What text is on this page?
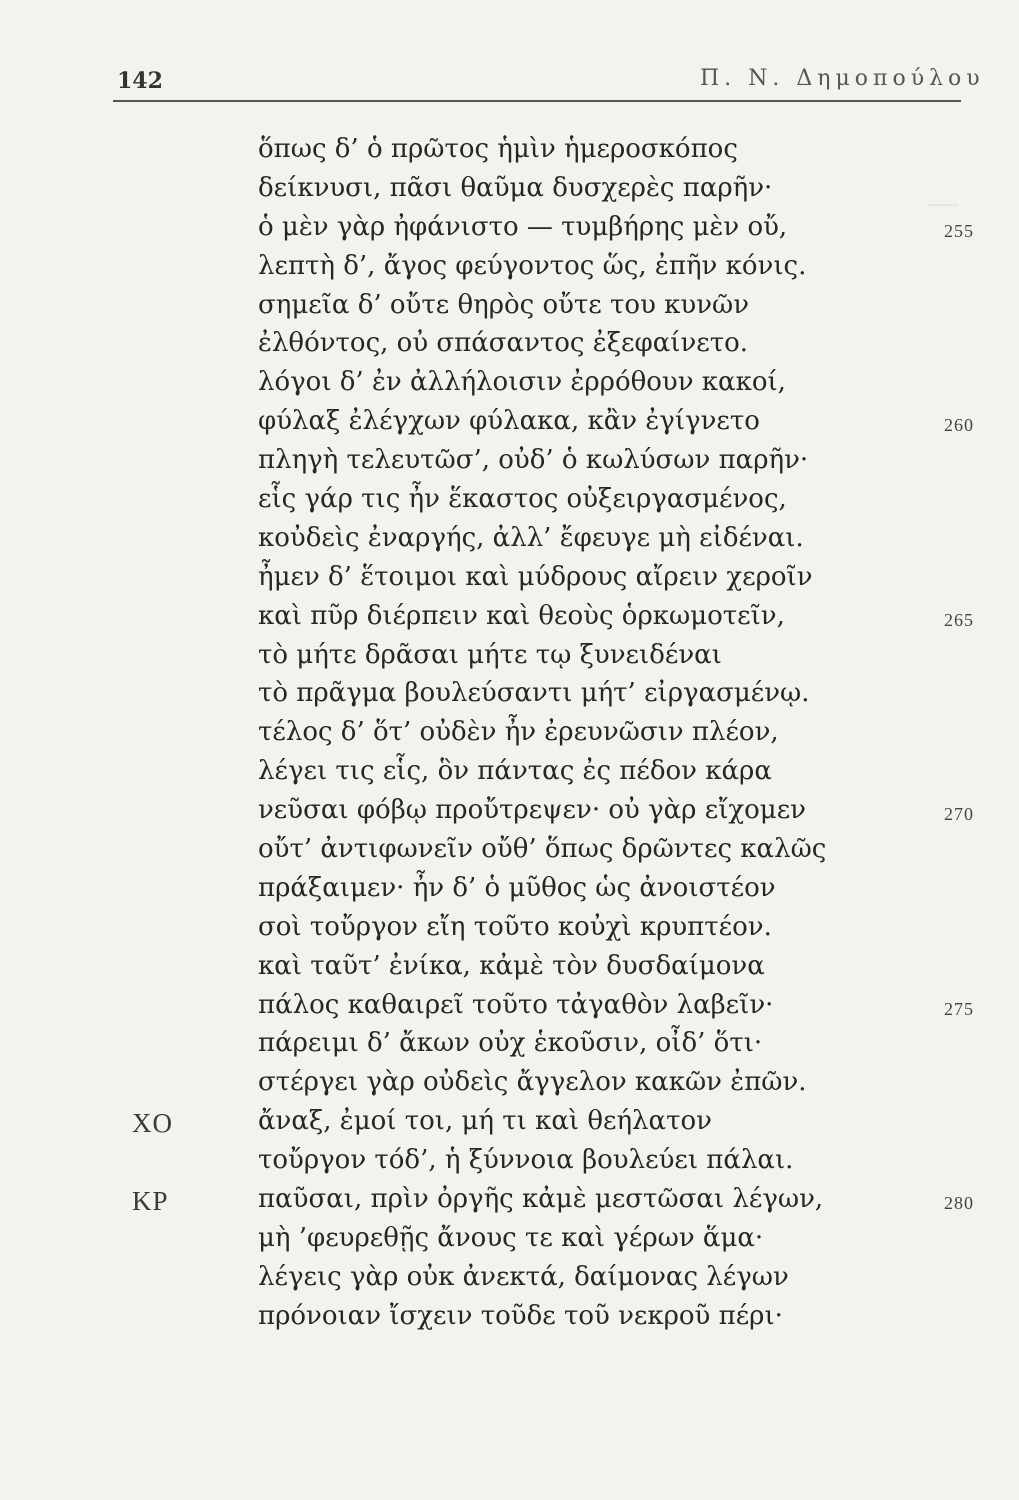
142	Π. Ν. Δημοπούλου
ὅπως δ’ ὁ πρῶτος ἡμὶν ἡμεροσκόπος
δείκνυσι, πᾶσι θαῦμα δυσχερὲς παρῆν·
ὁ μὲν γὰρ ἠφάνιστο — τυμβήρης μὲν οὔ,	255
λεπτὴ δ’, ἄγος φεύγοντος ὥς, ἐπῆν κόνις.
σημεῖα δ’ οὔτε θηρὸς οὔτε του κυνῶν
ἐλθόντος, οὐ σπάσαντος ἐξεφαίνετο.
λόγοι δ’ ἐν ἀλλήλοισιν ἐρρόθουν κακοί,
φύλαξ ἐλέγχων φύλακα, κἂν ἐγίγνετο	260
πληγὴ τελευτῶσ’, οὐδ’ ὁ κωλύσων παρῆν·
εἷς γάρ τις ἦν ἕκαστος οὐξειργασμένος,
κοὐδεὶς ἐναργής, ἀλλ’ ἔφευγε μὴ εἰδέναι.
ἦμεν δ’ ἕτοιμοι καὶ μύδρους αἴρειν χεροῖν
καὶ πῦρ διέρπειν καὶ θεοὺς ὁρκωμοτεῖν,	265
τὸ μήτε δρᾶσαι μήτε τῳ ξυνειδέναι
τὸ πρᾶγμα βουλεύσαντι μήτ’ εἰργασμένῳ.
τέλος δ’ ὅτ’ οὐδὲν ἦν ἐρευνῶσιν πλέον,
λέγει τις εἷς, ὃν πάντας ἐς πέδον κάρα
νεῦσαι φόβῳ προὔτρεψεν· οὐ γὰρ εἴχομεν	270
οὔτ’ ἀντιφωνεῖν οὔθ’ ὅπως δρῶντες καλῶς
πράξαιμεν· ἦν δ’ ὁ μῦθος ὡς ἀνοιστέον
σοὶ τοὔργον εἴη τοῦτο κοὐχὶ κρυπτέον.
καὶ ταῦτ’ ἐνίκα, κἀμὲ τὸν δυσδαίμονα
πάλος καθαιρεῖ τοῦτο τἀγαθὸν λαβεῖν·	275
πάρειμι δ’ ἄκων οὐχ ἑκοῦσιν, οἶδ’ ὅτι·
στέργει γὰρ οὐδεὶς ἄγγελον κακῶν ἐπῶν.
ΧΟ	ἄναξ, ἐμοί τοι, μή τι καὶ θεήλατον
τοὔργον τόδ’, ἡ ξύννοια βουλεύει πάλαι.
ΚΡ	παῦσαι, πρὶν ὀργῆς κἀμὲ μεστῶσαι λέγων,	280
μὴ ’φευρεθῇς ἄνους τε καὶ γέρων ἅμα·
λέγεις γὰρ οὐκ ἀνεκτά, δαίμονας λέγων
πρόνοιαν ἴσχειν τοῦδε τοῦ νεκροῦ πέρι·
